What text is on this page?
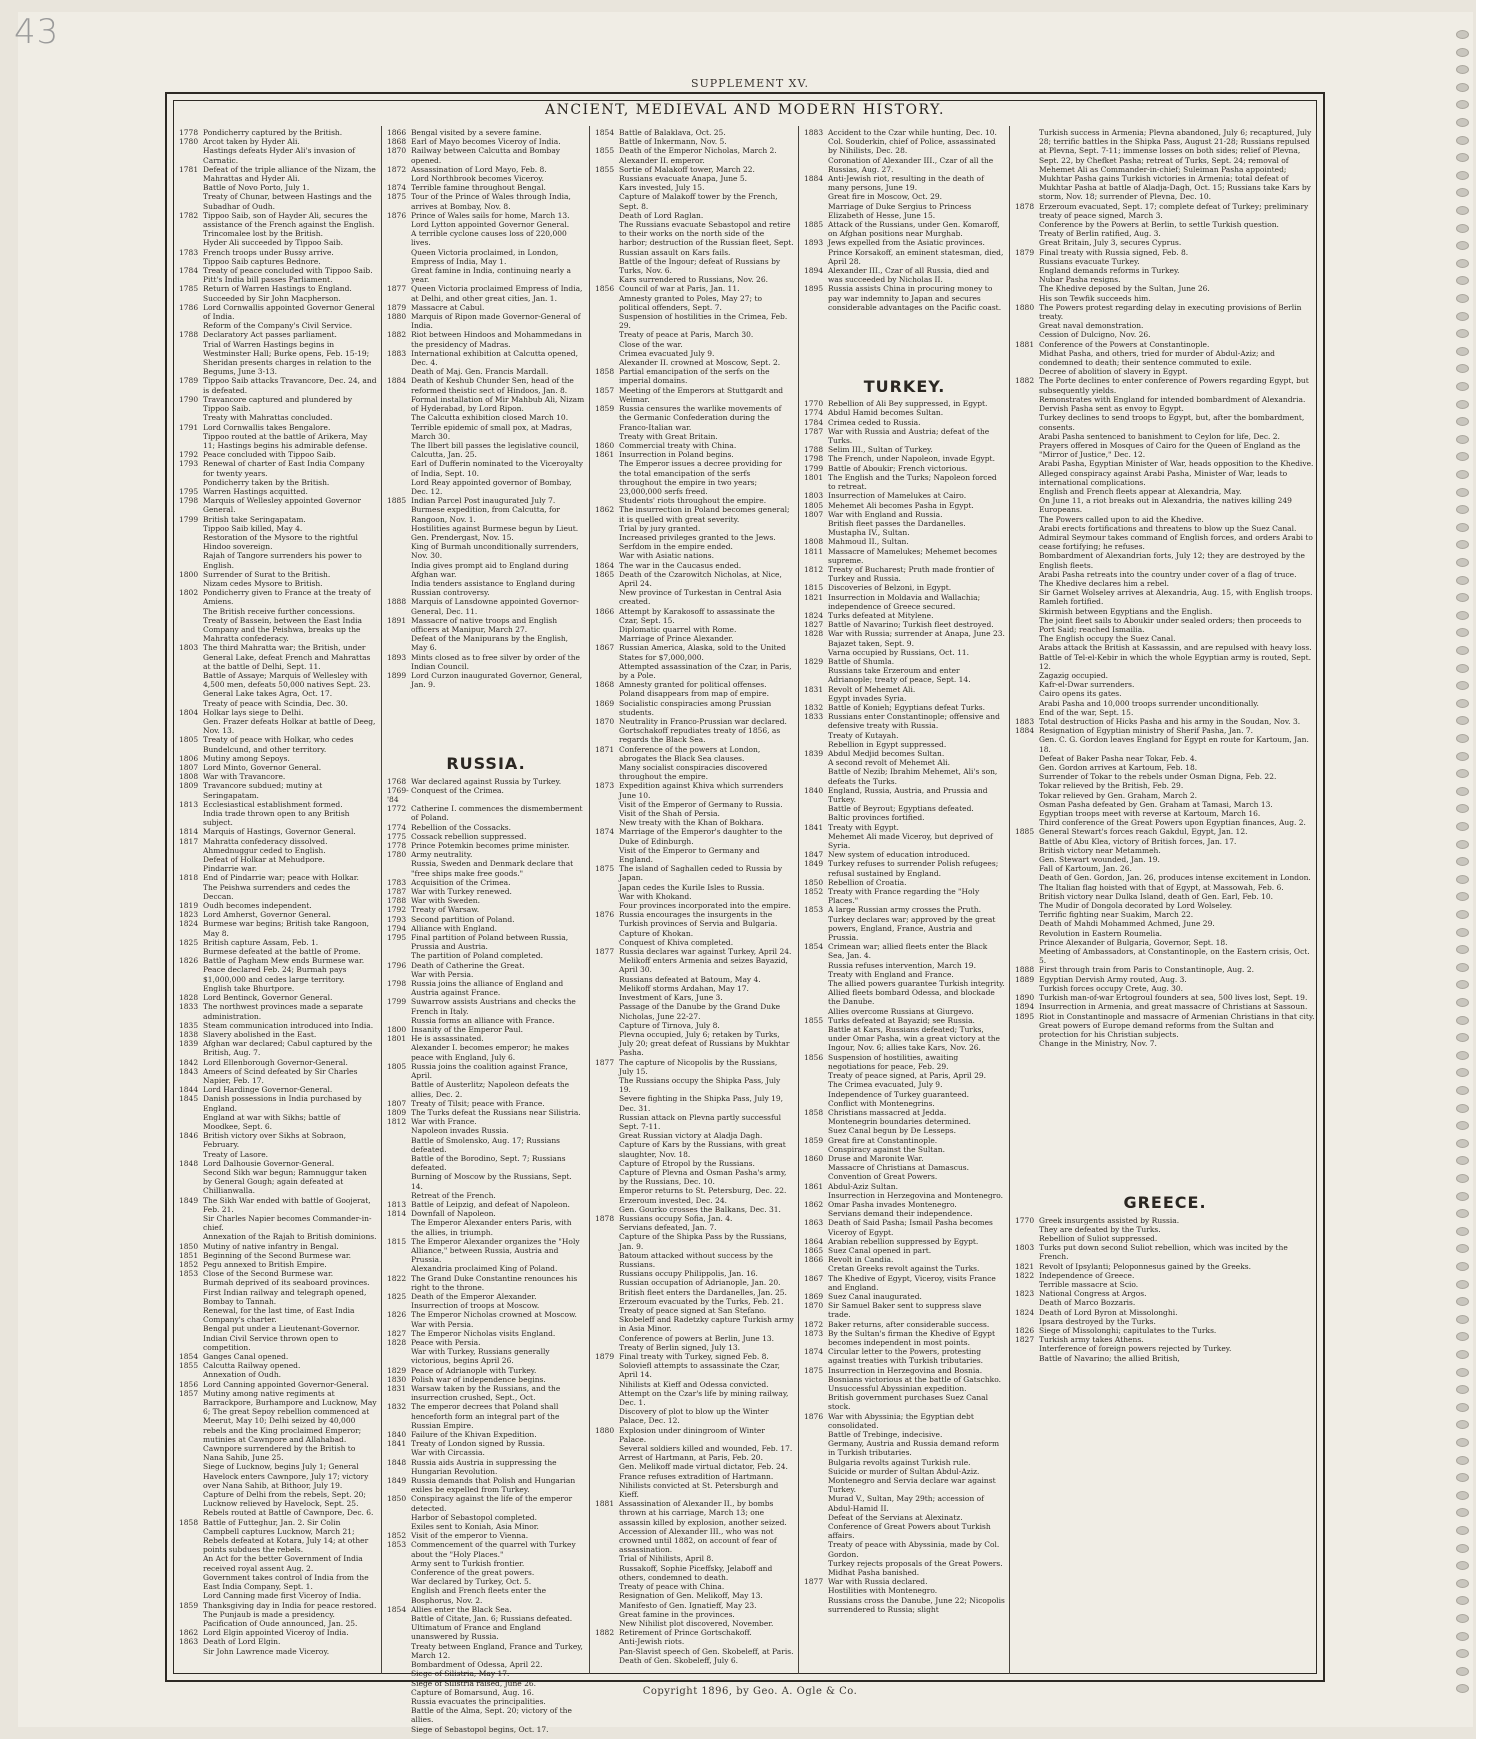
43
SUPPLEMENT XV.
ANCIENT, MEDIEVAL AND MODERN HISTORY.
1778 Pondicherry captured by the British.
1780 Arcot taken by Hyder Ali.
Hastings defeats Hyder Ali's invasion of Carnatic.
1781 Defeat of the triple alliance of the Nizam, the Mahrattas and Hyder Ali.
Battle of Novo Porto, July 1.
Treaty of Chunar, between Hastings and the Subadhar of Oudh.
1782 Tippoo Saib, son of Hayder Ali, secures the assistance of the French against the English.
Trincomalee lost by the British.
Hyder Ali succeeded by Tippoo Saib.
1783 French troops under Bussy arrive.
Tippoo Saib captures Bednore.
1784 Treaty of peace concluded with Tippoo Saib.
Pitt's India bill passes Parliament.
1785 Return of Warren Hastings to England. Succeeded by Sir John Macpherson.
1786 Lord Cornwallis appointed Governor General of India.
Reform of the Company's Civil Service.
1788 Declaratory Act passes parliament.
Trial of Warren Hastings begins in Westminster Hall; Burke opens, Feb. 15-19; Sheridan presents charges in relation to the Begums, June 3-13.
1789 Tippoo Saib attacks Travancore, Dec. 24, and is defeated.
1790 Travancore captured and plundered by Tippoo Saib.
Treaty with Mahrattas concluded.
1791 Lord Cornwallis takes Bengalore.
Tippoo routed at the battle of Arikera, May 11; Hastings begins his admirable defense.
1792 Peace concluded with Tippoo Saib.
1793 Renewal of charter of East India Company for twenty years.
Pondicherry taken by the British.
1795 Warren Hastings acquitted.
1798 Marquis of Wellesley appointed Governor General.
1799 British take Seringapatam.
Tippoo Saib killed, May 4.
Restoration of the Mysore to the rightful Hindoo sovereign.
Rajah of Tangore surrenders his power to English.
1800 Surrender of Surat to the British.
Nizam cedes Mysore to British.
1802 Pondicherry given to France at the treaty of Amiens.
The British receive further concessions.
Treaty of Bassein, between the East India Company and the Peishwa, breaks up the Mahratta confederacy.
1803 The third Mahratta war; the British, under General Lake, defeat French and Mahrattas at the battle of Delhi, Sept. 11.
Battle of Assaye; Marquis of Wellesley with 4,500 men, defeats 50,000 natives Sept. 23.
General Lake takes Agra, Oct. 17.
Treaty of peace with Scindia, Dec. 30.
1804 Holkar lays siege to Delhi.
Gen. Frazer defeats Holkar at battle of Deeg, Nov. 13.
1805 Treaty of peace with Holkar, who cedes Bundelcund, and other territory.
1806 Mutiny among Sepoys.
1807 Lord Minto, Governor General.
1808 War with Travancore.
1809 Travancore subdued; mutiny at Seringapatam.
1813 Ecclesiastical establishment formed.
India trade thrown open to any British subject.
1814 Marquis of Hastings, Governor General.
1817 Mahratta confederacy dissolved.
Ahmednuggur ceded to English.
Defeat of Holkar at Mehudpore.
Pindarrie war.
1818 End of Pindarrie war; peace with Holkar.
The Peishwa surrenders and cedes the Deccan.
1819 Oudh becomes independent.
1823 Lord Amherst, Governor General.
1824 Burmese war begins; British take Rangoon, May 8.
1825 British capture Assam, Feb. 1.
Burmese defeated at the battle of Prome.
1826 Battle of Pagham Mew ends Burmese war.
Peace declared Feb. 24; Burmah pays $1,000,000 and cedes large territory.
English take Bhurtpore.
1828 Lord Bentinck, Governor General.
1833 The northwest provinces made a separate administration.
1835 Steam communication introduced into India.
1838 Slavery abolished in the East.
1839 Afghan war declared; Cabul captured by the British, Aug. 7.
1842 Lord Ellenborough Governor-General.
1843 Ameers of Scind defeated by Sir Charles Napier, Feb. 17.
1844 Lord Hardinge Governor-General.
1845 Danish possessions in India purchased by England.
England at war with Sikhs; battle of Moodkee, Sept. 6.
1846 British victory over Sikhs at Sobraon, February.
Treaty of Lasore.
1848 Lord Dalhousie Governor-General.
Second Sikh war begun; Ramnuggur taken by General Gough; again defeated at Chillianwalla.
1849 The Sikh War ended with battle of Goojerat, Feb. 21.
Sir Charles Napier becomes Commander-in-chief.
Annexation of the Rajah to British dominions.
1850 Mutiny of native infantry in Bengal.
1851 Beginning of the Second Burmese war.
1852 Pegu annexed to British Empire.
1853 Close of the Second Burmese war.
Burmah deprived of its seaboard provinces.
First Indian railway and telegraph opened, Bombay to Tannah.
Renewal, for the last time, of East India Company's charter.
Bengal put under a Lieutenant-Governor.
Indian Civil Service thrown open to competition.
1854 Ganges Canal opened.
1855 Calcutta Railway opened.
Annexation of Oudh.
1856 Lord Canning appointed Governor-General.
1857 Mutiny among native regiments at Barrackpore, Burhampore and Lucknow, May 6; The great Sepoy rebellion commenced at Meerut, May 10; Delhi seized by 40,000 rebels and the King proclaimed Emperor; mutinies at Cawnpore and Allahabad.
Cawnpore surrendered by the British to Nana Sahib, June 25.
Siege of Lucknow, begins July 1; General Havelock enters Cawnpore, July 17; victory over Nana Sahib, at Bithoor, July 19.
Capture of Delhi from the rebels, Sept. 20; Lucknow relieved by Havelock, Sept. 25.
Rebels routed at Battle of Cawnpore, Dec. 6.
1858 Battle of Futteghur, Jan. 2. Sir Colin Campbell captures Lucknow, March 21; Rebels defeated at Kotara, July 14; at other points subdues the rebels.
An Act for the better Government of India received royal assent Aug. 2.
Government takes control of India from the East India Company, Sept. 1.
Lord Canning made first Viceroy of India.
1859 Thanksgiving day in India for peace restored.
The Punjaub is made a presidency.
Pacification of Oude announced, Jan. 25.
1862 Lord Elgin appointed Viceroy of India.
1863 Death of Lord Elgin.
Sir John Lawrence made Viceroy.
1866 Bengal visited by a severe famine.
1868 Earl of Mayo becomes Viceroy of India.
1870 Railway between Calcutta and Bombay opened.
1872 Assassination of Lord Mayo, Feb. 8.
Lord Northbrook becomes Viceroy.
1874 Terrible famine throughout Bengal.
1875 Tour of the Prince of Wales through India, arrives at Bombay, Nov. 8.
1876 Prince of Wales sails for home, March 13.
Lord Lytton appointed Governor General.
A terrible cyclone causes loss of 220,000 lives.
Queen Victoria proclaimed, in London, Empress of India, May 1.
Great famine in India, continuing nearly a year.
1877 Queen Victoria proclaimed Empress of India, at Delhi, and other great cities, Jan. 1.
1879 Massacre at Cabul.
1880 Marquis of Ripon made Governor-General of India.
1882 Riot between Hindoos and Mohammedans in the presidency of Madras.
1883 International exhibition at Calcutta opened, Dec. 4.
Death of Maj. Gen. Francis Mardall.
1884 Death of Keshub Chunder Sen, head of the reformed theistic sect of Hindoos, Jan. 8.
Formal installation of Mir Mahbub Ali, Nizam of Hyderabad, by Lord Ripon.
The Calcutta exhibition closed March 10.
Terrible epidemic of small pox, at Madras, March 30.
The Ilbert bill passes the legislative council, Calcutta, Jan. 25.
Earl of Dufferin nominated to the Viceroyalty of India, Sept. 10.
Lord Reay appointed governor of Bombay, Dec. 12.
1885 Indian Parcel Post inaugurated July 7.
Burmese expedition, from Calcutta, for Rangoon, Nov. 1.
Hostilities against Burmese begun by Lieut. Gen. Prendergast, Nov. 15.
King of Burmah unconditionally surrenders, Nov. 30.
India gives prompt aid to England during Afghan war.
India tenders assistance to England during Russian controversy.
1888 Marquis of Lansdowne appointed Governor-General, Dec. 11.
1891 Massacre of native troops and English officers at Manipur, March 27.
Defeat of the Manipurans by the English, May 6.
1893 Mints closed as to free silver by order of the Indian Council.
1899 Lord Curzon inaugurated Governor, General, Jan. 9.
RUSSIA.
1768 War declared against Russia by Turkey.
1769-'84
Conquest of the Crimea.
1772 Catherine I. commences the dismemberment of Poland.
1774 Rebellion of the Cossacks.
1775 Cossack rebellion suppressed.
1778 Prince Potemkin becomes prime minister.
1780 Army neutrality.
Russia, Sweden and Denmark declare that "free ships make free goods."
1783 Acquisition of the Crimea.
1787 War with Turkey renewed.
1788 War with Sweden.
1792 Treaty of Warsaw.
1793 Second partition of Poland.
1794 Alliance with England.
1795 Final partition of Poland between Russia, Prussia and Austria.
The partition of Poland completed.
1796 Death of Catherine the Great.
War with Persia.
1798 Russia joins the alliance of England and Austria against France.
1799 Suwarrow assists Austrians and checks the French in Italy.
Russia forms an alliance with France.
1800 Insanity of the Emperor Paul.
1801 He is assassinated.
Alexander I. becomes emperor; he makes peace with England, July 6.
1805 Russia joins the coalition against France, April.
Battle of Austerlitz; Napoleon defeats the allies, Dec. 2.
1807 Treaty of Tilsit; peace with France.
1809 The Turks defeat the Russians near Silistria.
1812 War with France.
Napoleon invades Russia.
Battle of Smolensko, Aug. 17; Russians defeated.
Battle of the Borodino, Sept. 7; Russians defeated.
Burning of Moscow by the Russians, Sept. 14.
Retreat of the French.
1813 Battle of Leipzig, and defeat of Napoleon.
1814 Downfall of Napoleon.
The Emperor Alexander enters Paris, with the allies, in triumph.
1815 The Emperor Alexander organizes the "Holy Alliance," between Russia, Austria and Prussia.
Alexandria proclaimed King of Poland.
1822 The Grand Duke Constantine renounces his right to the throne.
1825 Death of the Emperor Alexander.
Insurrection of troops at Moscow.
1826 The Emperor Nicholas crowned at Moscow.
War with Persia.
1827 The Emperor Nicholas visits England.
1828 Peace with Persia.
War with Turkey, Russians generally victorious, begins April 26.
1829 Peace of Adrianople with Turkey.
1830 Polish war of independence begins.
1831 Warsaw taken by the Russians, and the insurrection crushed, Sept., Oct.
1832 The emperor decrees that Poland shall henceforth form an integral part of the Russian Empire.
1840 Failure of the Khivan Expedition.
1841 Treaty of London signed by Russia.
War with Circassia.
1848 Russia aids Austria in suppressing the Hungarian Revolution.
1849 Russia demands that Polish and Hungarian exiles be expelled from Turkey.
1850 Conspiracy against the life of the emperor detected.
Harbor of Sebastopol completed.
Exiles sent to Koniah, Asia Minor.
1852 Visit of the emperor to Vienna.
1853 Commencement of the quarrel with Turkey about the "Holy Places."
Army sent to Turkish frontier.
Conference of the great powers.
War declared by Turkey, Oct. 5.
English and French fleets enter the Bosphorus, Nov. 2.
1854 Allies enter the Black Sea.
Battle of Citate, Jan. 6; Russians defeated.
Ultimatum of France and England unanswered by Russia.
Treaty between England, France and Turkey, March 12.
Bombardment of Odessa, April 22.
Siege of Silistria, May 17.
Siege of Silistria raised, June 26.
Capture of Bomarsund, Aug. 16.
Russia evacuates the principalities.
Battle of the Alma, Sept. 20; victory of the allies.
Siege of Sebastopol begins, Oct. 17.
1854 Battle of Balaklava, Oct. 25.
Battle of Inkermann, Nov. 5.
1855 Death of the Emperor Nicholas, March 2.
Alexander II. emperor.
1855 Sortie of Malakoff tower, March 22.
Russians evacuate Anapa, June 5.
Kars invested, July 15.
Capture of Malakoff tower by the French, Sept. 8.
Death of Lord Raglan.
The Russians evacuate Sebastopol and retire to their works on the north side of the harbor; destruction of the Russian fleet, Sept.
Russian assault on Kars fails.
Battle of the Ingour; defeat of Russians by Turks, Nov. 6.
Kars surrendered to Russians, Nov. 26.
1856 Council of war at Paris, Jan. 11.
Amnesty granted to Poles, May 27; to political offenders, Sept. 7.
Suspension of hostilities in the Crimea, Feb. 29.
Treaty of peace at Paris, March 30.
Close of the war.
Crimea evacuated July 9.
Alexander II. crowned at Moscow, Sept. 2.
1858 Partial emancipation of the serfs on the imperial domains.
1857 Meeting of the Emperors at Stuttgardt and Weimar.
1859 Russia censures the warlike movements of the Germanic Confederation during the Franco-Italian war.
Treaty with Great Britain.
1860 Commercial treaty with China.
1861 Insurrection in Poland begins.
The Emperor issues a decree providing for the total emancipation of the serfs throughout the empire in two years; 23,000,000 serfs freed.
Students' riots throughout the empire.
1862 The insurrection in Poland becomes general; it is quelled with great severity.
Trial by jury granted.
Increased privileges granted to the Jews.
Serfdom in the empire ended.
War with Asiatic nations.
1864 The war in the Caucasus ended.
1865 Death of the Czarowitch Nicholas, at Nice, April 24.
New province of Turkestan in Central Asia created.
1866 Attempt by Karakosoff to assassinate the Czar, Sept. 15.
Diplomatic quarrel with Rome.
Marriage of Prince Alexander.
1867 Russian America, Alaska, sold to the United States for $7,000,000.
Attempted assassination of the Czar, in Paris, by a Pole.
1868 Amnesty granted for political offenses. Poland disappears from map of empire.
1869 Socialistic conspiracies among Prussian students.
1870 Neutrality in Franco-Prussian war declared.
Gortschakoff repudiates treaty of 1856, as regards the Black Sea.
1871 Conference of the powers at London, abrogates the Black Sea clauses.
Many socialist conspiracies discovered throughout the empire.
1873 Expedition against Khiva which surrenders June 10.
Visit of the Emperor of Germany to Russia.
Visit of the Shah of Persia.
New treaty with the Khan of Bokhara.
1874 Marriage of the Emperor's daughter to the Duke of Edinburgh.
Visit of the Emperor to Germany and England.
1875 The island of Saghallen ceded to Russia by Japan.
Japan cedes the Kurile Isles to Russia.
War with Khokand.
Four provinces incorporated into the empire.
1876 Russia encourages the insurgents in the Turkish provinces of Servia and Bulgaria.
Capture of Khokan.
Conquest of Khiva completed.
1877 Russia declares war against Turkey, April 24.
Melikoff enters Armenia and seizes Bayazid, April 30.
Russians defeated at Batoum, May 4.
Melikoff storms Ardahan, May 17.
Investment of Kars, June 3.
Passage of the Danube by the Grand Duke Nicholas, June 22-27.
Capture of Tirnova, July 8.
Plevna occupied, July 6; retaken by Turks, July 20; great defeat of Russians by Mukhtar Pasha.
1877 The capture of Nicopolis by the Russians, July 15.
The Russians occupy the Shipka Pass, July 19.
Severe fighting in the Shipka Pass, July 19, Dec. 31.
Russian attack on Plevna partly successful Sept. 7-11.
Great Russian victory at Aladja Dagh.
Capture of Kars by the Russians, with great slaughter, Nov. 18.
Capture of Etropol by the Russians.
Capture of Plevna and Osman Pasha's army, by the Russians, Dec. 10.
Emperor returns to St. Petersburg, Dec. 22.
Erzeroum invested, Dec. 24.
Gen. Gourko crosses the Balkans, Dec. 31.
1878 Russians occupy Sofia, Jan. 4.
Servians defeated, Jan. 7.
Capture of the Shipka Pass by the Russians, Jan. 9.
Batoum attacked without success by the Russians.
Russians occupy Philippolis, Jan. 16.
Russian occupation of Adrianople, Jan. 20.
British fleet enters the Dardanelles, Jan. 25.
Erzeroum evacuated by the Turks, Feb. 21.
Treaty of peace signed at San Stefano.
Skobeleff and Radetzky capture Turkish army in Asia Minor.
Conference of powers at Berlin, June 13.
Treaty of Berlin signed, July 13.
1879 Final treaty with Turkey, signed Feb. 8.
Soloviefl attempts to assassinate the Czar, April 14.
Nihilists at Kieff and Odessa convicted.
Attempt on the Czar's life by mining railway, Dec. 1.
Discovery of plot to blow up the Winter Palace, Dec. 12.
1880 Explosion under diningroom of Winter Palace.
Several soldiers killed and wounded, Feb. 17.
Arrest of Hartmann, at Paris, Feb. 20.
Gen. Melikoff made virtual dictator, Feb. 24.
France refuses extradition of Hartmann.
Nihilists convicted at St. Petersburgh and Kieff.
1881 Assassination of Alexander II., by bombs thrown at his carriage, March 13; one assassin killed by explosion, another seized.
Accession of Alexander III., who was not crowned until 1882, on account of fear of assassination.
Trial of Nihilists, April 8.
Russakoff, Sophie Piceffsky, Jelaboff and others, condemned to death.
Treaty of peace with China.
Resignation of Gen. Melikoff, May 13.
Manifesto of Gen. Ignatieff, May 23.
Great famine in the provinces.
New Nihilist plot discovered, November.
1882 Retirement of Prince Gortschakoff.
Anti-Jewish riots.
Pan-Slavist speech of Gen. Skobeleff, at Paris.
Death of Gen. Skobeleff, July 6.
1883 Accident to the Czar while hunting, Dec. 10.
Col. Souderkin, chief of Police, assassinated by Nihilists, Dec. 28.
Coronation of Alexander III., Czar of all the Russias, Aug. 27.
1884 Anti-Jewish riot, resulting in the death of many persons, June 19.
Great fire in Moscow, Oct. 29.
Marriage of Duke Sergius to Princess Elizabeth of Hesse, June 15.
1885 Attack of the Russians, under Gen. Komaroff, on Afghan positions near Murghab.
1893 Jews expelled from the Asiatic provinces.
Prince Korsakoff, an eminent statesman, died, April 28.
1894 Alexander III., Czar of all Russia, died and was succeeded by Nicholas II.
1895 Russia assists China in procuring money to pay war indemnity to Japan and secures considerable advantages on the Pacific coast.
TURKEY.
1770 Rebellion of Ali Bey suppressed, in Egypt.
1774 Abdul Hamid becomes Sultan.
1784 Crimea ceded to Russia.
1787 War with Russia and Austria; defeat of the Turks.
1788 Selim III., Sultan of Turkey.
1798 The French, under Napoleon, invade Egypt.
1799 Battle of Aboukir; French victorious.
1801 The English and the Turks; Napoleon forced to retreat.
1803 Insurrection of Mamelukes at Cairo.
1805 Mehemet Ali becomes Pasha in Egypt.
1807 War with England and Russia.
British fleet passes the Dardanelles.
Mustapha IV., Sultan.
1808 Mahmoud II., Sultan.
1811 Massacre of Mamelukes; Mehemet becomes supreme.
1812 Treaty of Bucharest; Pruth made frontier of Turkey and Russia.
1815 Discoveries of Belzoni, in Egypt.
1821 Insurrection in Moldavia and Wallachia; independence of Greece secured.
1824 Turks defeated at Mitylene.
1827 Battle of Navarino; Turkish fleet destroyed.
1828 War with Russia; surrender at Anapa, June 23.
Bajazet taken, Sept. 9.
Varna occupied by Russians, Oct. 11.
1829 Battle of Shumla.
Russians take Erzeroum and enter Adrianople; treaty of peace, Sept. 14.
1831 Revolt of Mehemet Ali.
Egypt invades Syria.
1832 Battle of Konieh; Egyptians defeat Turks.
1833 Russians enter Constantinople; offensive and defensive treaty with Russia.
Treaty of Kutayah.
Rebellion in Egypt suppressed.
1839 Abdul Medjid becomes Sultan.
A second revolt of Mehemet Ali.
Battle of Nezib; Ibrahim Mehemet, Ali's son, defeats the Turks.
1840 England, Russia, Austria, and Prussia and Turkey.
Battle of Beyrout; Egyptians defeated.
Baltic provinces fortified.
1841 Treaty with Egypt.
Mehemet Ali made Viceroy, but deprived of Syria.
1847 New system of education introduced.
1849 Turkey refuses to surrender Polish refugees; refusal sustained by England.
1850 Rebellion of Croatia.
1852 Treaty with France regarding the "Holy Places."
1853 A large Russian army crosses the Pruth.
Turkey declares war; approved by the great powers, England, France, Austria and Prussia.
1854 Crimean war; allied fleets enter the Black Sea, Jan. 4.
Russia refuses intervention, March 19.
Treaty with England and France.
The allied powers guarantee Turkish integrity.
Allied fleets bombard Odessa, and blockade the Danube.
Allies overcome Russians at Giurgevo.
1855 Turks defeated at Bayazid; see Russia.
Battle at Kars, Russians defeated; Turks, under Omar Pasha, win a great victory at the Ingour, Nov. 6; allies take Kars, Nov. 26.
1856 Suspension of hostilities, awaiting negotiations for peace, Feb. 29.
Treaty of peace signed, at Paris, April 29.
The Crimea evacuated, July 9.
Independence of Turkey guaranteed.
Conflict with Montenegrins.
1858 Christians massacred at Jedda.
Montenegrin boundaries determined.
Suez Canal begun by De Lesseps.
1859 Great fire at Constantinople.
Conspiracy against the Sultan.
1860 Druse and Maronite War.
Massacre of Christians at Damascus.
Convention of Great Powers.
1861 Abdul-Aziz Sultan.
Insurrection in Herzegovina and Montenegro.
1862 Omar Pasha invades Montenegro.
Servians demand their independence.
1863 Death of Said Pasha; Ismail Pasha becomes Viceroy of Egypt.
1864 Arabian rebellion suppressed by Egypt.
1865 Suez Canal opened in part.
1866 Revolt in Candia.
Cretan Greeks revolt against the Turks.
1867 The Khedive of Egypt, Viceroy, visits France and England.
1869 Suez Canal inaugurated.
1870 Sir Samuel Baker sent to suppress slave trade.
1872 Baker returns, after considerable success.
1873 By the Sultan's firman the Khedive of Egypt becomes independent in most points.
1874 Circular letter to the Powers, protesting against treaties with Turkish tributaries.
1875 Insurrection in Herzegovina and Bosnia.
Bosnians victorious at the battle of Gatschko.
Unsuccessful Abyssinian expedition.
British government purchases Suez Canal stock.
1876 War with Abyssinia; the Egyptian debt consolidated.
Battle of Trebinge, indecisive.
Germany, Austria and Russia demand reform in Turkish tributaries.
Bulgaria revolts against Turkish rule.
Suicide or murder of Sultan Abdul-Aziz.
Montenegro and Servia declare war against Turkey.
Murad V., Sultan, May 29th; accession of Abdul-Hamid II.
Defeat of the Servians at Alexinatz.
Conference of Great Powers about Turkish affairs.
Treaty of peace with Abyssinia, made by Col. Gordon.
Turkey rejects proposals of the Great Powers.
Midhat Pasha banished.
1877 War with Russia declared.
Hostilities with Montenegro.
Russians cross the Danube, June 22; Nicopolis surrendered to Russia; slight
Turkish success in Armenia; Plevna abandoned, July 6; recaptured, July 28; terrific battles in the Shipka Pass, August 21-28; Russians repulsed at Plevna, Sept. 7-11; immense losses on both sides; relief of Plevna, Sept. 22, by Chefket Pasha; retreat of Turks, Sept. 24; removal of Mehemet Ali as Commander-in-chief; Suleiman Pasha appointed; Mukhtar Pasha gains Turkish victories in Armenia; total defeat of Mukhtar Pasha at battle of Aladja-Dagh, Oct. 15; Russians take Kars by storm, Nov. 18; surrender of Plevna, Dec. 10.
1878 Erzeroum evacuated, Sept. 17; complete defeat of Turkey; preliminary treaty of peace signed, March 3.
Conference by the Powers at Berlin, to settle Turkish question.
Treaty of Berlin ratified, Aug. 3.
Great Britain, July 3, secures Cyprus.
1879 Final treaty with Russia signed, Feb. 8.
Russians evacuate Turkey.
England demands reforms in Turkey.
Nubar Pasha resigns.
The Khedive deposed by the Sultan, June 26.
His son Tewfik succeeds him.
1880 The Powers protest regarding delay in executing provisions of Berlin treaty.
Great naval demonstration.
Cession of Dulcigno, Nov. 26.
1881 Conference of the Powers at Constantinople.
Midhat Pasha, and others, tried for murder of Abdul-Aziz; and condemned to death; their sentence commuted to exile.
Decree of abolition of slavery in Egypt.
1882 The Porte declines to enter conference of Powers regarding Egypt, but subsequently yields.
Remonstrates with England for intended bombardment of Alexandria.
Dervish Pasha sent as envoy to Egypt.
Turkey declines to send troops to Egypt, but, after the bombardment, consents.
Arabi Pasha sentenced to banishment to Ceylon for life, Dec. 2.
Prayers offered in Mosques of Cairo for the Queen of England as the "Mirror of Justice," Dec. 12.
Arabi Pasha, Egyptian Minister of War, heads opposition to the Khedive.
Alleged conspiracy against Arabi Pasha, Minister of War, leads to international complications.
English and French fleets appear at Alexandria, May.
On June 11, a riot breaks out in Alexandria, the natives killing 249 Europeans.
The Powers called upon to aid the Khedive.
Arabi erects fortifications and threatens to blow up the Suez Canal.
Admiral Seymour takes command of English forces, and orders Arabi to cease fortifying; he refuses.
Bombardment of Alexandrian forts, July 12; they are destroyed by the English fleets.
Arabi Pasha retreats into the country under cover of a flag of truce.
The Khedive declares him a rebel.
Sir Garnet Wolseley arrives at Alexandria, Aug. 15, with English troops.
Ramleh fortified.
Skirmish between Egyptians and the English.
The joint fleet sails to Aboukir under sealed orders; then proceeds to Port Said; reached Ismailia.
The English occupy the Suez Canal.
Arabs attack the British at Kassassin, and are repulsed with heavy loss.
Battle of Tel-el-Kebir in which the whole Egyptian army is routed, Sept. 12.
Zagazig occupied.
Kafr-el-Dwar surrenders.
Cairo opens its gates.
Arabi Pasha and 10,000 troops surrender unconditionally.
End of the war, Sept. 15.
1883 Total destruction of Hicks Pasha and his army in the Soudan, Nov. 3.
1884 Resignation of Egyptian ministry of Sherif Pasha, Jan. 7.
Gen. C. G. Gordon leaves England for Egypt en route for Kartoum, Jan. 18.
Defeat of Baker Pasha near Tokar, Feb. 4.
Gen. Gordon arrives at Kartoum, Feb. 18.
Surrender of Tokar to the rebels under Osman Digna, Feb. 22.
Tokar relieved by the British, Feb. 29.
Tokar relieved by Gen. Graham, March 2.
Osman Pasha defeated by Gen. Graham at Tamasi, March 13.
Egyptian troops meet with reverse at Kartoum, March 16.
Third conference of the Great Powers upon Egyptian finances, Aug. 2.
1885 General Stewart's forces reach Gakdul, Egypt, Jan. 12.
Battle of Abu Klea, victory of British forces, Jan. 17.
British victory near Metammeh.
Gen. Stewart wounded, Jan. 19.
Fall of Kartoum, Jan. 26.
Death of Gen. Gordon, Jan. 26, produces intense excitement in London.
The Italian flag hoisted with that of Egypt, at Massowah, Feb. 6.
British victory near Dulka Island, death of Gen. Earl, Feb. 10.
The Mudir of Dongola decorated by Lord Wolseley.
Terrific fighting near Suakim, March 22.
Death of Mahdi Mohammed Achmed, June 29.
Revolution in Eastern Roumelia.
Prince Alexander of Bulgaria, Governor, Sept. 18.
Meeting of Ambassadors, at Constantinople, on the Eastern crisis, Oct. 5.
1888 First through train from Paris to Constantinople, Aug. 2.
1889 Egyptian Dervish Army routed, Aug. 3.
Turkish forces occupy Crete, Aug. 30.
1890 Turkish man-of-war Ertogroul founders at sea, 500 lives lost, Sept. 19.
1894 Insurrection in Armenia, and great massacre of Christians at Sassoun.
1895 Riot in Constantinople and massacre of Armenian Christians in that city. Great powers of Europe demand reforms from the Sultan and protection for his Christian subjects.
Change in the Ministry, Nov. 7.
GREECE.
1770 Greek insurgents assisted by Russia.
They are defeated by the Turks.
Rebellion of Suliot suppressed.
1803 Turks put down second Suliot rebellion, which was incited by the French.
1821 Revolt of Ipsylanti; Peloponnesus gained by the Greeks.
1822 Independence of Greece.
Terrible massacre at Scio.
1823 National Congress at Argos.
Death of Marco Bozzaris.
1824 Death of Lord Byron at Missolonghi.
Ipsara destroyed by the Turks.
1826 Siege of Missolonghi; capitulates to the Turks.
1827 Turkish army takes Athens.
Interference of foreign powers rejected by Turkey.
Battle of Navarino; the allied British,
Copyright 1896, by Geo. A. Ogle & Co.
